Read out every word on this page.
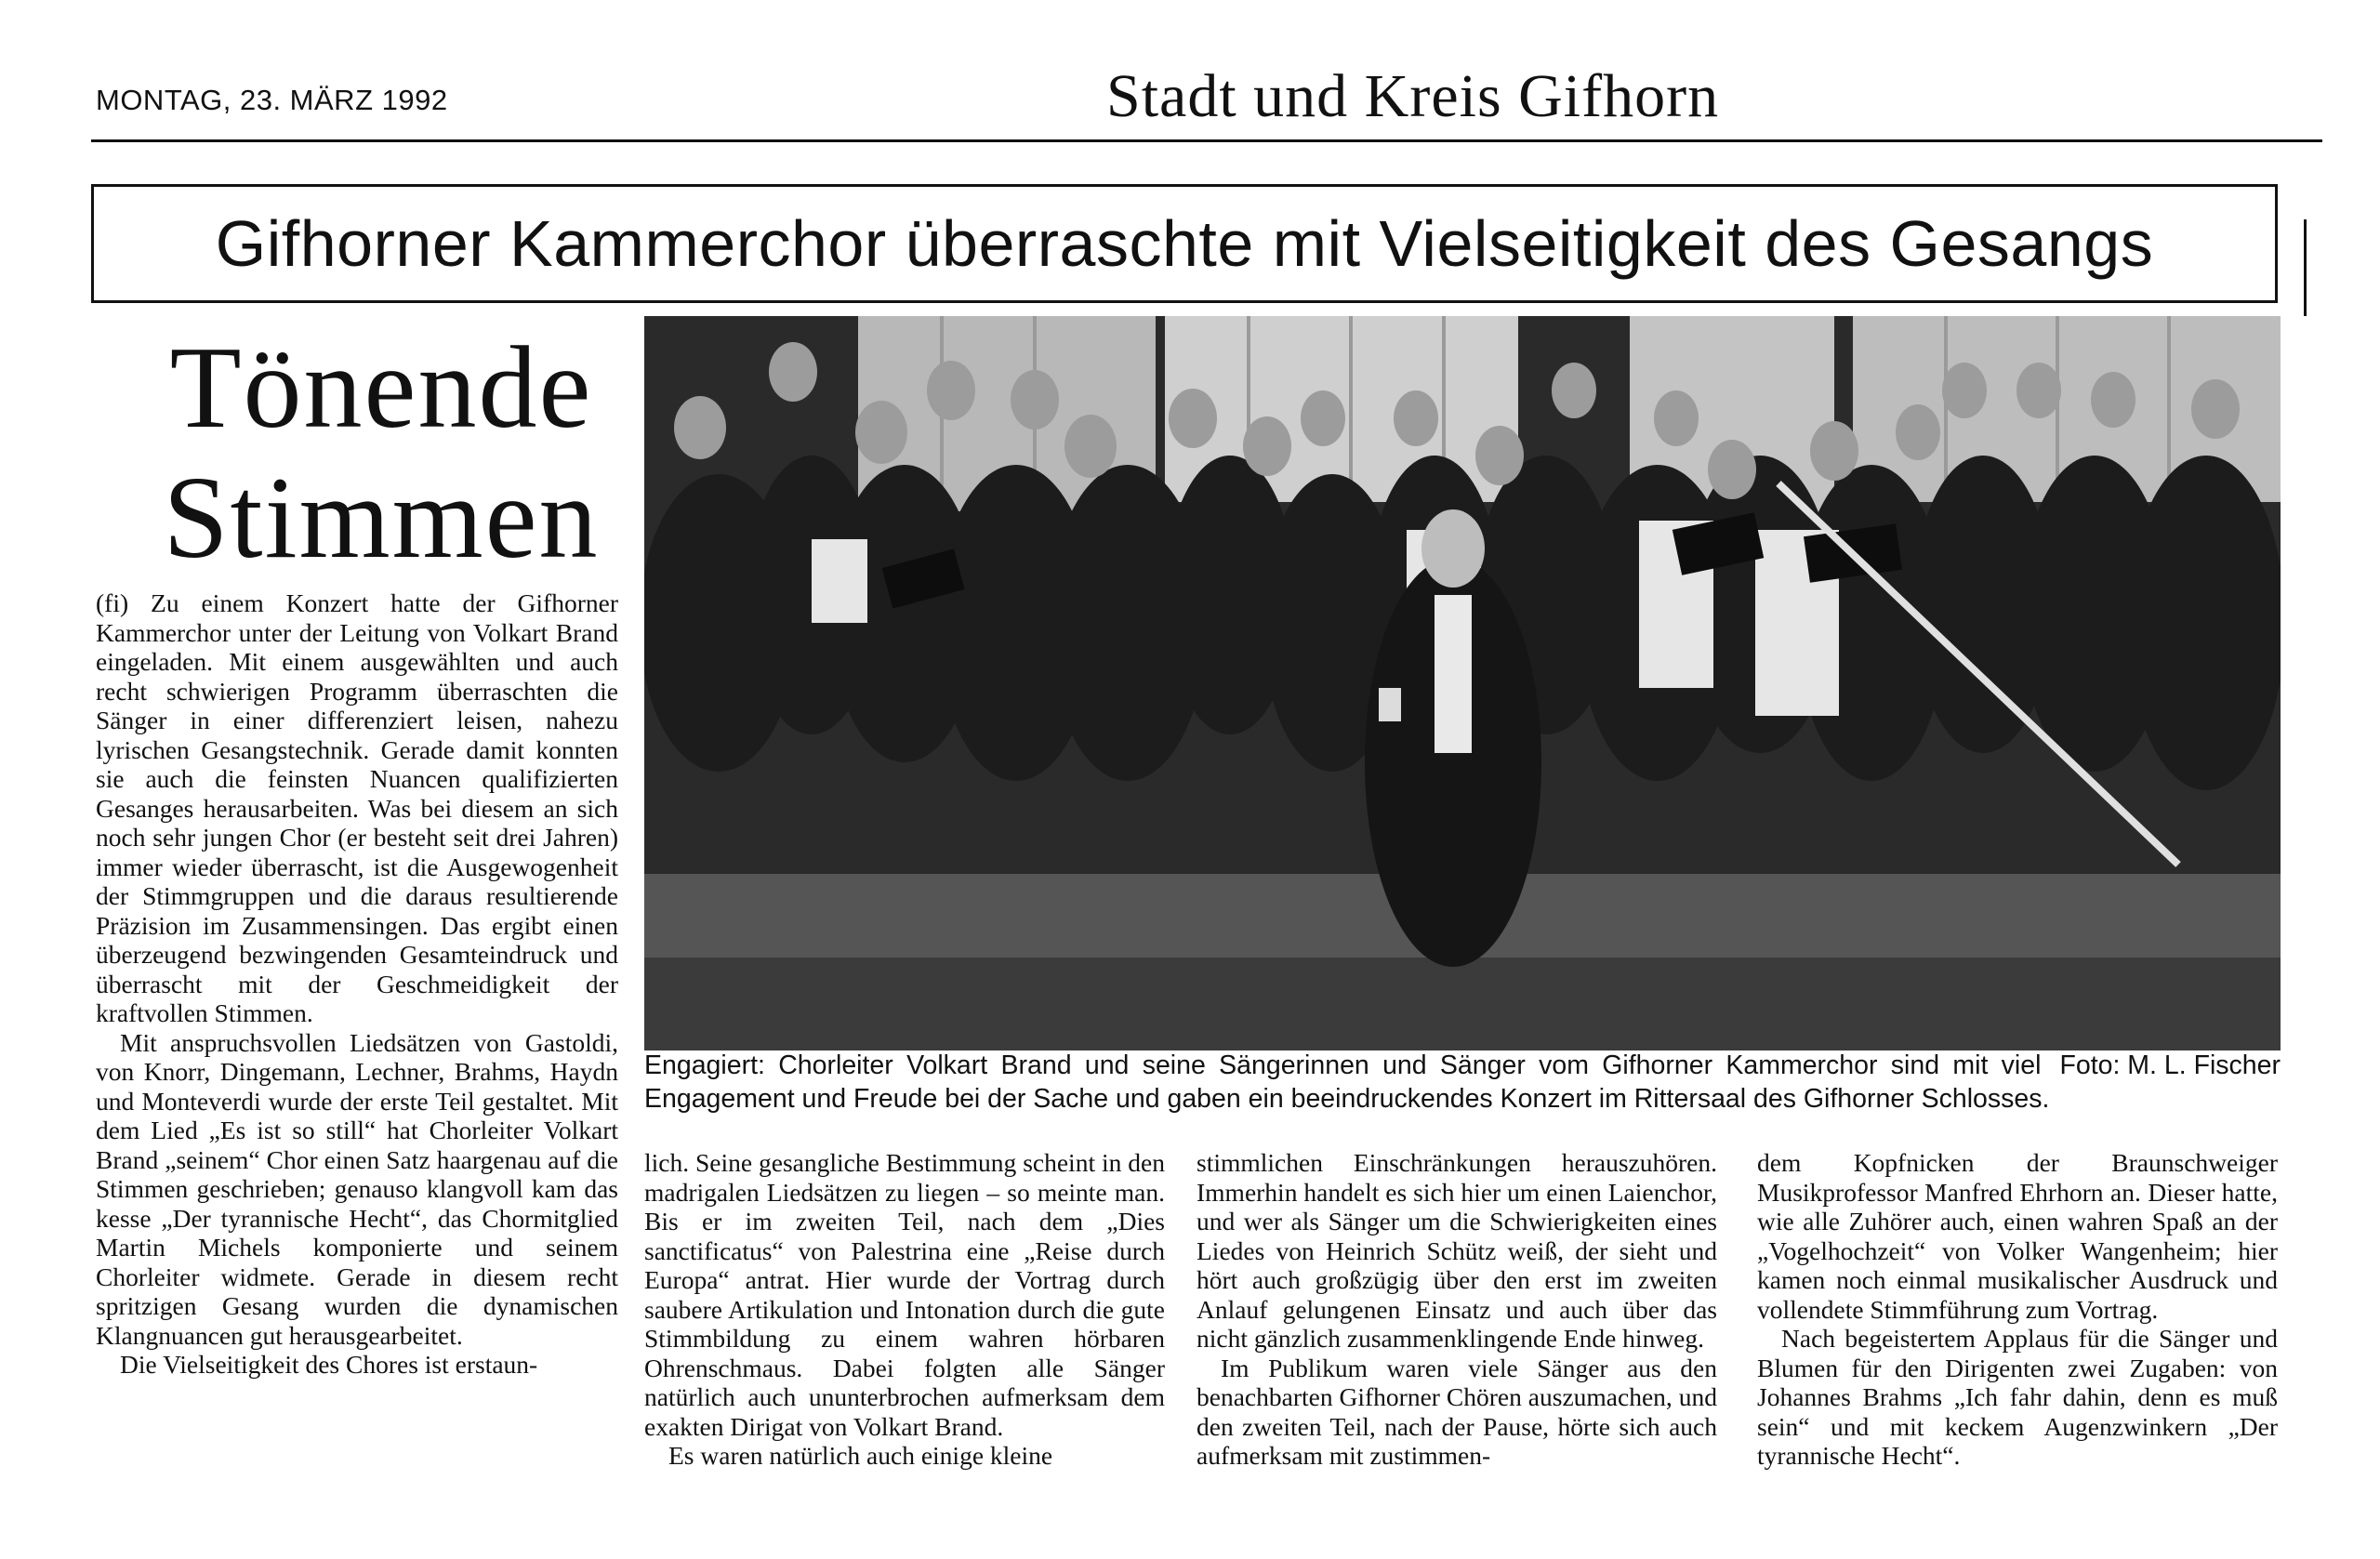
MONTAG, 23. MÄRZ 1992	Stadt und Kreis Gifhorn
Gifhorner Kammerchor überraschte mit Vielseitigkeit des Gesangs
Tönende
Stimmen
Foto: M. L. Fischer
Engagiert: Chorleiter Volkart Brand und seine Sängerinnen und Sänger vom Gifhorner Kammerchor sind mit viel Engagement und Freude bei der Sache und gaben ein beeindruckendes Konzert im Rittersaal des Gifhorner Schlosses.

(fi) Zu einem Konzert hatte der Gifhorner Kammerchor unter der Leitung von Volkart Brand eingeladen. Mit einem ausgewählten und auch recht schwierigen Programm überraschten die Sänger in einer differenziert leisen, nahezu lyrischen Gesangstechnik. Gerade damit konnten sie auch die feinsten Nuancen qualifizierten Gesanges herausarbeiten. Was bei diesem an sich noch sehr jungen Chor (er besteht seit drei Jahren) immer wieder überrascht, ist die Ausgewogenheit der Stimmgruppen und die daraus resultierende Präzision im Zusammensingen. Das ergibt einen überzeugend bezwingenden Gesamteindruck und überrascht mit der Geschmeidigkeit der kraftvollen Stimmen.

Mit anspruchsvollen Liedsätzen von Gastoldi, von Knorr, Dingemann, Lechner, Brahms, Haydn und Monteverdi wurde der erste Teil gestaltet. Mit dem Lied „Es ist so still“ hat Chorleiter Volkart Brand „seinem“ Chor einen Satz haargenau auf die Stimmen geschrieben; genauso klangvoll kam das kesse „Der tyrannische Hecht“, das Chormitglied Martin Michels komponierte und seinem Chorleiter widmete. Gerade in diesem recht spritzigen Gesang wurden die dynamischen Klangnuancen gut herausgearbeitet.

Die Vielseitigkeit des Chores ist erstaun-

lich. Seine gesangliche Bestimmung scheint in den madrigalen Liedsätzen zu liegen – so meinte man. Bis er im zweiten Teil, nach dem „Dies sanctificatus“ von Palestrina eine „Reise durch Europa“ antrat. Hier wurde der Vortrag durch saubere Artikulation und Intonation durch die gute Stimmbildung zu einem wahren hörbaren Ohrenschmaus. Dabei folgten alle Sänger natürlich auch ununterbrochen aufmerksam dem exakten Dirigat von Volkart Brand.

Es waren natürlich auch einige kleine

stimmlichen Einschränkungen herauszuhören. Immerhin handelt es sich hier um einen Laienchor, und wer als Sänger um die Schwierigkeiten eines Liedes von Heinrich Schütz weiß, der sieht und hört auch großzügig über den erst im zweiten Anlauf gelungenen Einsatz und auch über das nicht gänzlich zusammenklingende Ende hinweg.

Im Publikum waren viele Sänger aus den benachbarten Gifhorner Chören auszumachen, und den zweiten Teil, nach der Pause, hörte sich auch aufmerksam mit zustimmen-

dem Kopfnicken der Braunschweiger Musikprofessor Manfred Ehrhorn an. Dieser hatte, wie alle Zuhörer auch, einen wahren Spaß an der „Vogelhochzeit“ von Volker Wangenheim; hier kamen noch einmal musikalischer Ausdruck und vollendete Stimmführung zum Vortrag.

Nach begeistertem Applaus für die Sänger und Blumen für den Dirigenten zwei Zugaben: von Johannes Brahms „Ich fahr dahin, denn es muß sein“ und mit keckem Augenzwinkern „Der tyrannische Hecht“.
